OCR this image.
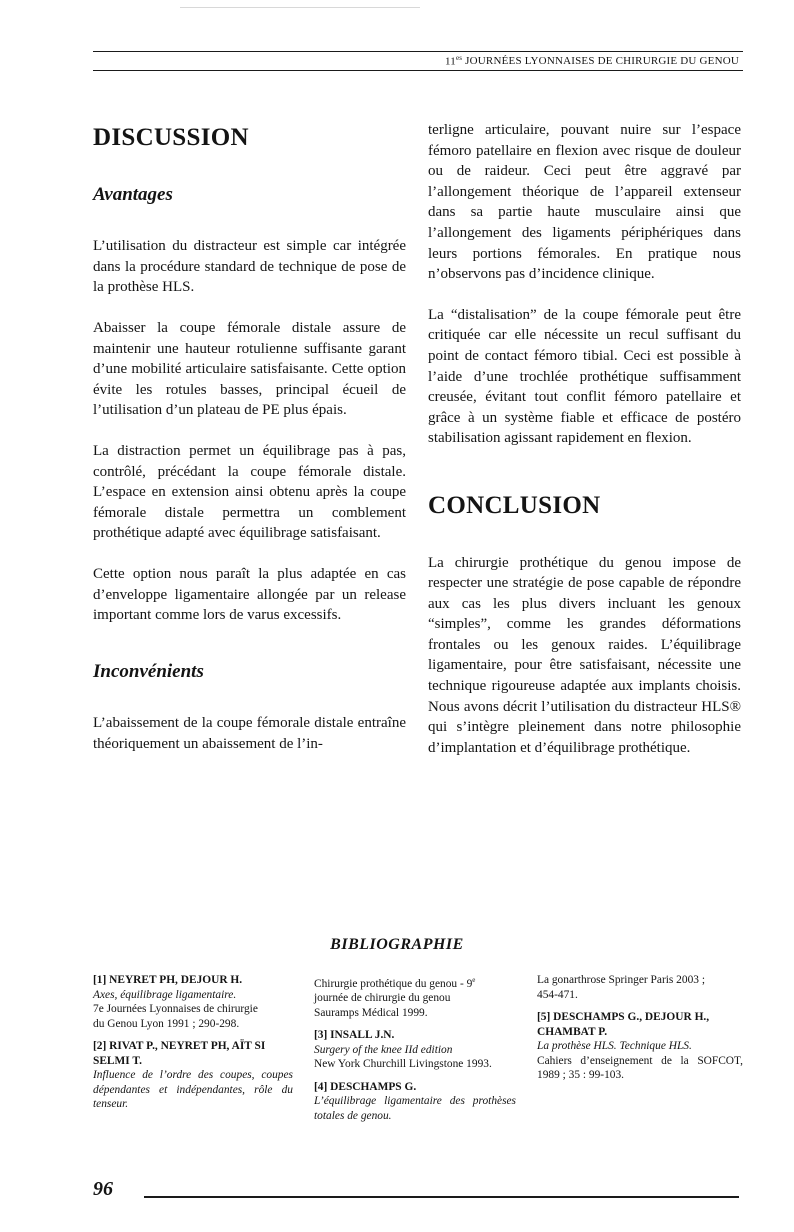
$11^{es}$ JOURNÉES LYONNAISES DE CHIRURGIE DU GENOU
DISCUSSION
Avantages

L’utilisation du distracteur est simple car intégrée dans la procédure standard de technique de pose de la prothèse HLS.

Abaisser la coupe fémorale distale assure de maintenir une hauteur rotulienne suffisante garant d’une mobilité articulaire satisfaisante. Cette option évite les rotules basses, principal écueil de l’utilisation d’un plateau de PE plus épais.

La distraction permet un équilibrage pas à pas, contrôlé, précédant la coupe fémorale distale. L’espace en extension ainsi obtenu après la coupe fémorale distale permettra un comblement prothétique adapté avec équilibrage satisfaisant.

Cette option nous paraît la plus adaptée en cas d’enveloppe ligamentaire allongée par un release important comme lors de varus excessifs.

Inconvénients

L’abaissement de la coupe fémorale distale entraîne théoriquement un abaissement de l’in-

terligne articulaire, pouvant nuire sur l’espace fémoro patellaire en flexion avec risque de douleur ou de raideur. Ceci peut être aggravé par l’allongement théorique de l’appareil extenseur dans sa partie haute musculaire ainsi que l’allongement des ligaments périphériques dans leurs portions fémorales. En pratique nous n’observons pas d’incidence clinique.

La “distalisation” de la coupe fémorale peut être critiquée car elle nécessite un recul suffisant du point de contact fémoro tibial. Ceci est possible à l’aide d’une trochlée prothétique suffisamment creusée, évitant tout conflit fémoro patellaire et grâce à un système fiable et efficace de postéro stabilisation agissant rapidement en flexion.

CONCLUSION

La chirurgie prothétique du genou impose de respecter une stratégie de pose capable de répondre aux cas les plus divers incluant les genoux “simples”, comme les grandes déformations frontales ou les genoux raides. L’équilibrage ligamentaire, pour être satisfaisant, nécessite une technique rigoureuse adaptée aux implants choisis. Nous avons décrit l’utilisation du distracteur HLS® qui s’intègre pleinement dans notre philosophie d’implantation et d’équilibrage prothétique.

BIBLIOGRAPHIE
[1] NEYRET PH, DEJOUR H.
Axes, équilibrage ligamentaire.
7e Journées Lyonnaises de chirurgie
du Genou Lyon 1991 ; 290-298.
[2] RIVAT P., NEYRET PH, AÏT SI SELMI T.
Influence de l’ordre des coupes, coupes dépendantes et indépendantes, rôle du tenseur.
Chirurgie prothétique du genou - 9e
journée de chirurgie du genou
Sauramps Médical 1999.
[3] INSALL J.N.
Surgery of the knee IId edition
New York Churchill Livingstone 1993.
[4] DESCHAMPS G.
L’équilibrage ligamentaire des prothèses totales de genou.
La gonarthrose Springer Paris 2003 ;
454-471.
[5] DESCHAMPS G., DEJOUR H., CHAMBAT P.
La prothèse HLS. Technique HLS.
Cahiers d’enseignement de la SOFCOT, 1989 ; 35 : 99-103.
96
